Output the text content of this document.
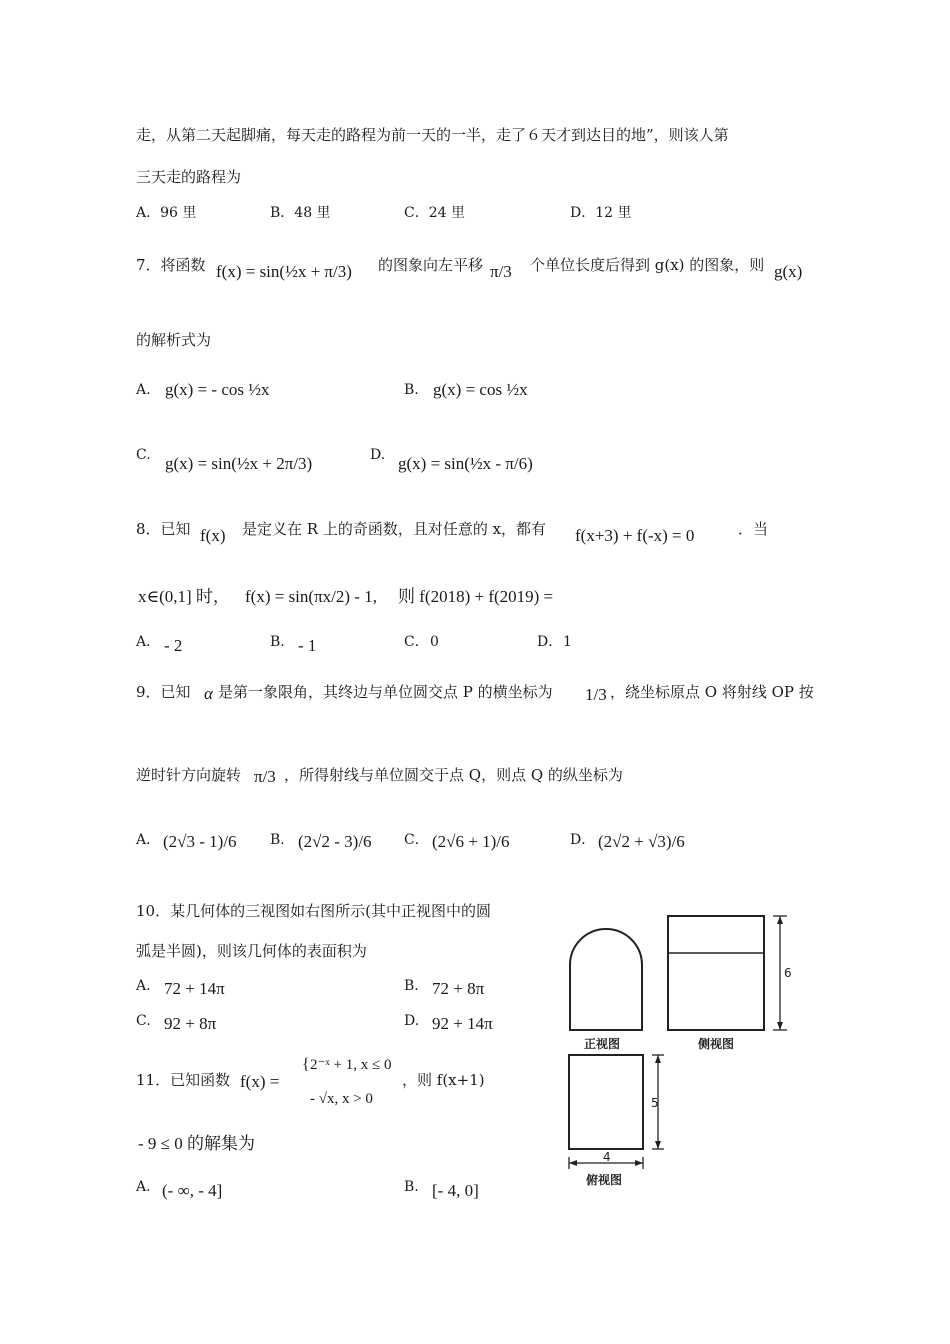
走，从第二天起脚痛，每天走的路程为前一天的一半，走了６天才到达目的地”，则该人第
三天走的路程为
A．96 里	B．48 里	C．24 里	D．12 里
7．将函数 f(x) = sin(½x + π/3) 的图象向左平移 π/3 个单位长度后得到 g(x) 的图象，则 g(x)
的解析式为
A. g(x) = - cos ½x	B. g(x) = cos ½x
C. g(x) = sin(½x + 2π/3)	D. g(x) = sin(½x - π/6)
8．已知 f(x) 是定义在 R 上的奇函数，且对任意的 x，都有 f(x+3) + f(-x) = 0	．当
x∈(0,1] 时， f(x) = sin(πx/2) - 1, 则 f(2018) + f(2019) =
A． - 2	B． - 1	C． 0	D． 1
9．已知 α 是第一象限角，其终边与单位圆交点 P 的横坐标为 1/3 ，绕坐标原点 O 将射线 OP 按
逆时针方向旋转 π/3 ，所得射线与单位圆交于点 Q，则点 Q 的纵坐标为
A． (2√3 - 1)/6 B． (2√2 - 3)/6 C． (2√6 + 1)/6	D． (2√2 + √3)/6
10．某几何体的三视图如右图所示(其中正视图中的圆
弧是半圆)，则该几何体的表面积为
A. 72 + 14π	B. 72 + 8π
C. 92 + 8π	D. 92 + 14π
6
正视图	侧视图
5
4
俯视图
11．已知函数 f(x) =
{ 2⁻ˣ + 1, x ≤ 0
- √x, x > 0
，则 f(x+1)
- 9 ≤ 0 的解集为
A. (- ∞, - 4]	B. [- 4, 0]
